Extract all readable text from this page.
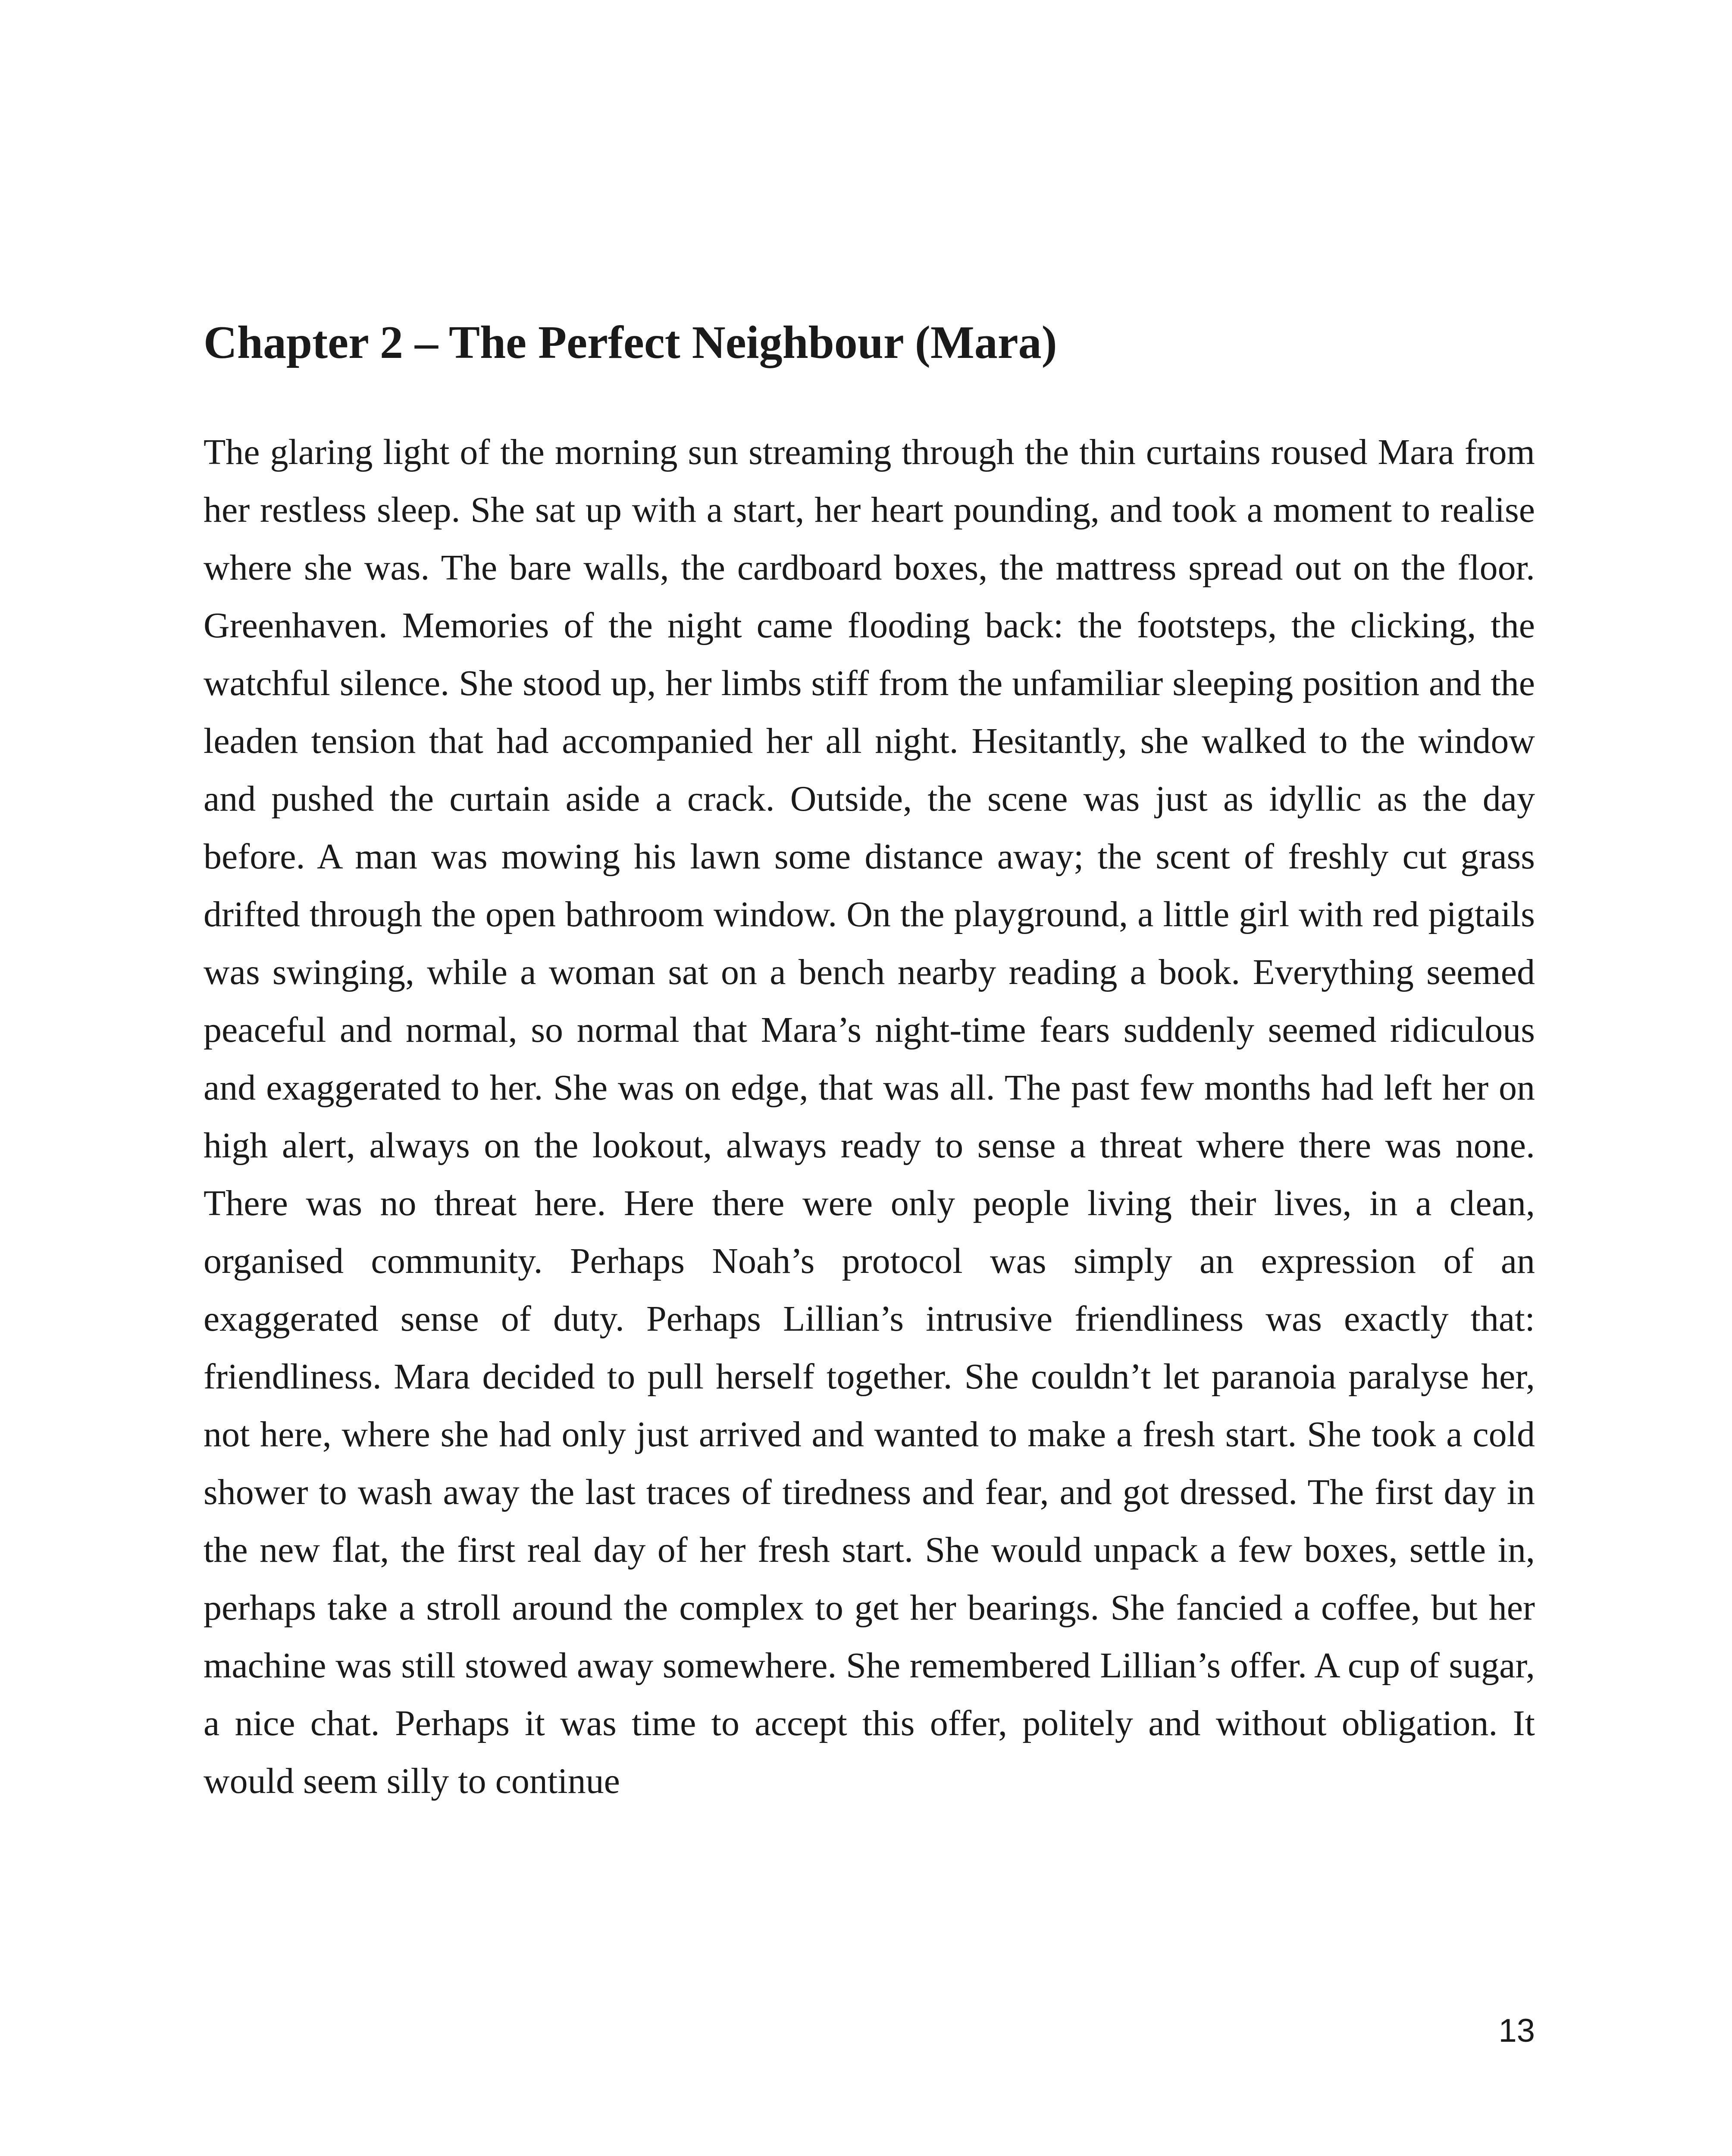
Chapter 2 – The Perfect Neighbour (Mara)

The glaring light of the morning sun streaming through the thin curtains roused Mara from her restless sleep. She sat up with a start, her heart pounding, and took a moment to realise where she was. The bare walls, the cardboard boxes, the mattress spread out on the floor. Greenhaven. Memories of the night came flooding back: the footsteps, the clicking, the watchful silence. She stood up, her limbs stiff from the unfamiliar sleeping position and the leaden tension that had accompanied her all night. Hesitantly, she walked to the window and pushed the curtain aside a crack. Outside, the scene was just as idyllic as the day before. A man was mowing his lawn some distance away; the scent of freshly cut grass drifted through the open bathroom window. On the playground, a little girl with red pigtails was swinging, while a woman sat on a bench nearby reading a book. Everything seemed peaceful and normal, so normal that Mara’s night-time fears suddenly seemed ridiculous and exaggerated to her. She was on edge, that was all. The past few months had left her on high alert, always on the lookout, always ready to sense a threat where there was none. There was no threat here. Here there were only people living their lives, in a clean, organised community. Perhaps Noah’s protocol was simply an expression of an exaggerated sense of duty. Perhaps Lillian’s intrusive friendliness was exactly that: friendliness. Mara decided to pull herself together. She couldn’t let paranoia paralyse her, not here, where she had only just arrived and wanted to make a fresh start. She took a cold shower to wash away the last traces of tiredness and fear, and got dressed. The first day in the new flat, the first real day of her fresh start. She would unpack a few boxes, settle in, perhaps take a stroll around the complex to get her bearings. She fancied a coffee, but her machine was still stowed away somewhere. She remembered Lillian’s offer. A cup of sugar, a nice chat. Perhaps it was time to accept this offer, politely and without obligation. It would seem silly to continue

13
